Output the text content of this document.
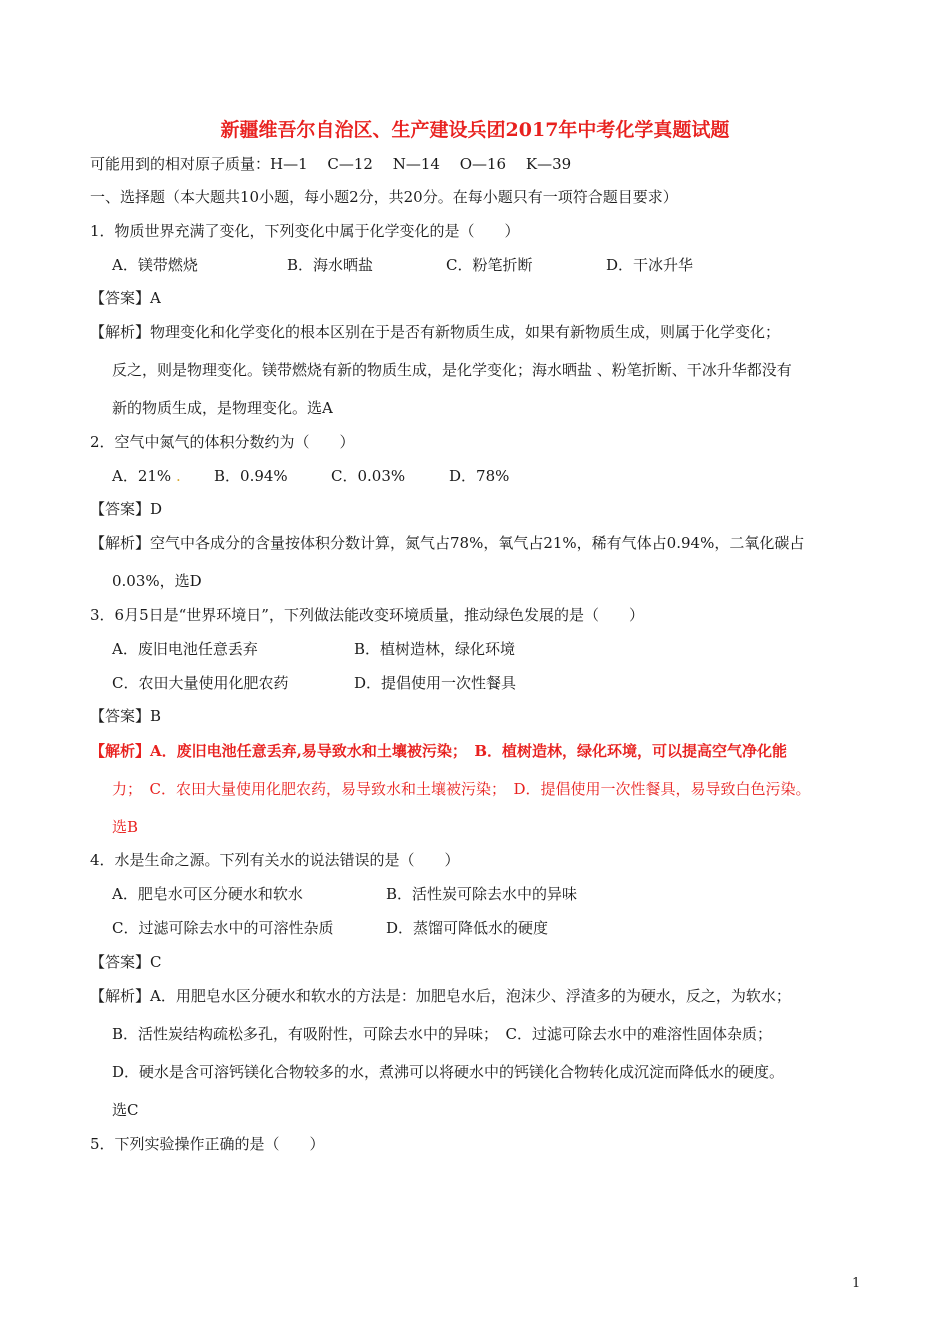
新疆维吾尔自治区、生产建设兵团2017年中考化学真题试题
可能用到的相对原子质量：H—1　 C—12　 N—14　 O—16　 K—39
一、选择题（本大题共10小题，每小题2分，共20分。在每小题只有一项符合题目要求）
1．物质世界充满了变化，下列变化中属于化学变化的是（　　）
A．镁带燃烧	B．海水晒盐	C．粉笔折断	D．干冰升华
【答案】A
【解析】物理变化和化学变化的根本区别在于是否有新物质生成，如果有新物质生成，则属于化学变化；
反之，则是物理变化。镁带燃烧有新的物质生成，是化学变化；海水晒盐 、粉笔折断、干冰升华都没有
新的物质生成，是物理变化。选A
2．空气中氮气的体积分数约为（　　）
A．21% . B．0.94%	C．0.03%	D．78%
【答案】D
【解析】空气中各成分的含量按体积分数计算，氮气占78%，氧气占21%，稀有气体占0.94%，二氧化碳占
0.03%，选D
3．6月5日是“世界环境日”，下列做法能改变环境质量，推动绿色发展的是（　　）
A．废旧电池任意丢弃	B．植树造林，绿化环境
C．农田大量使用化肥农药	D．提倡使用一次性餐具
【答案】B
【解析】A．废旧电池任意丢弃,易导致水和土壤被污染；　B．植树造林，绿化环境，可以提高空气净化能
力；　C．农田大量使用化肥农药，易导致水和土壤被污染；　D．提倡使用一次性餐具，易导致白色污染。
选B
4．水是生命之源。下列有关水的说法错误的是（　　）
A．肥皂水可区分硬水和软水	B．活性炭可除去水中的异味
C．过滤可除去水中的可溶性杂质	D．蒸馏可降低水的硬度
【答案】C
【解析】A．用肥皂水区分硬水和软水的方法是：加肥皂水后，泡沫少、浮渣多的为硬水，反之，为软水；
B．活性炭结构疏松多孔，有吸附性，可除去水中的异味；　C．过滤可除去水中的难溶性固体杂质；
D．硬水是含可溶钙镁化合物较多的水，煮沸可以将硬水中的钙镁化合物转化成沉淀而降低水的硬度。
选C
5．下列实验操作正确的是（　　）
1
